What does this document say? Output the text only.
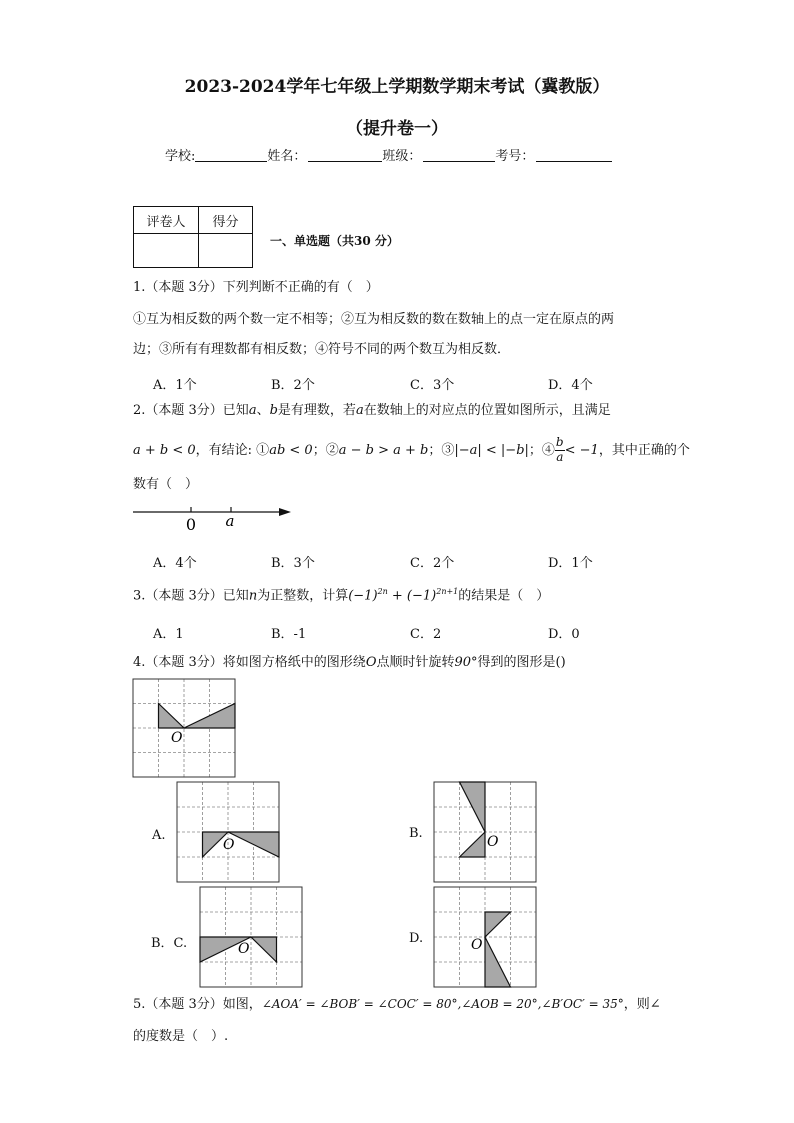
2023-2024学年七年级上学期数学期末考试（冀教版）
（提升卷一）
学校:	姓名：	班级：	考号：
评卷人	得分

一、单选题（共30 分）
1.（本题 3分）下列判断不正确的有（　）
①互为相反数的两个数一定不相等；②互为相反数的数在数轴上的点一定在原点的两
边；③所有有理数都有相反数；④符号不同的两个数互为相反数．
A．1个	B．2个	C．3个	D．4个
2.（本题 3分）已知a、b是有理数，若a在数轴上的对应点的位置如图所示，且满足
a + b < 0，有结论: ①ab < 0；②a − b > a + b；③|−a| < |−b|；④ $\frac{b}{a} < -1$，其中正确的个
数有（　）
0 a
A．4个	B．3个	C．2个	D．1个
3.（本题 3分）已知n为正整数，计算$(-1)^{2n} + (-1)^{2n+1}$的结果是（　）
A．1	B．-1	C．2	D．0
4.（本题 3分）将如图方格纸中的图形绕O点顺时针旋转90°得到的图形是()
O
A.
O
B.
O
B．C.	O
D.	O
5.（本题 3分）如图，∠AOA′ = ∠BOB′ = ∠COC′ = 80°,∠AOB = 20°,∠B′OC′ = 35°，则∠
的度数是（　）.
